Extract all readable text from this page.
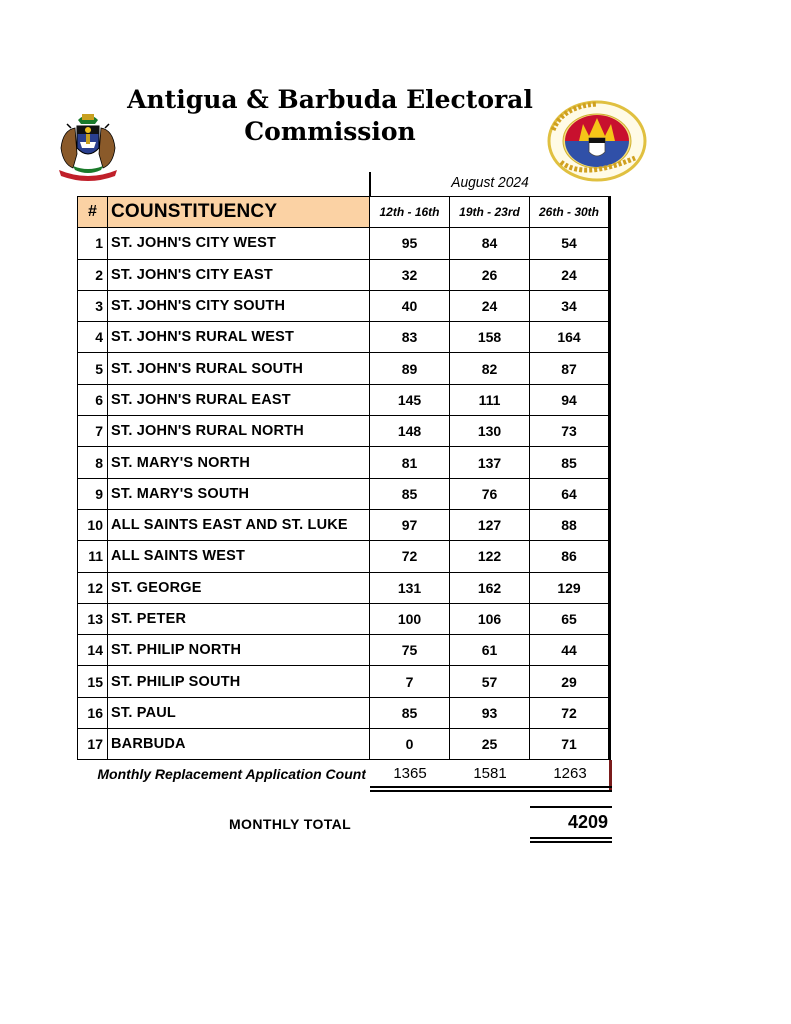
Antigua & Barbuda Electoral Commission
August 2024
#	COUNSTITUENCY	12th - 16th	19th - 23rd	26th - 30th
1	ST. JOHN'S CITY WEST	95	84	54
2	ST. JOHN'S CITY EAST	32	26	24
3	ST. JOHN'S CITY SOUTH	40	24	34
4	ST. JOHN'S RURAL WEST	83	158	164
5	ST. JOHN'S RURAL SOUTH	89	82	87
6	ST. JOHN'S RURAL EAST	145	111	94
7	ST. JOHN'S RURAL NORTH	148	130	73
8	ST. MARY'S NORTH	81	137	85
9	ST. MARY'S SOUTH	85	76	64
10	ALL SAINTS EAST AND ST. LUKE	97	127	88
11	ALL SAINTS WEST	72	122	86
12	ST. GEORGE	131	162	129
13	ST. PETER	100	106	65
14	ST. PHILIP NORTH	75	61	44
15	ST. PHILIP SOUTH	7	57	29
16	ST. PAUL	85	93	72
17	BARBUDA	0	25	71
Monthly Replacement Application Count	1365	1581	1263
MONTHLY TOTAL	4209
